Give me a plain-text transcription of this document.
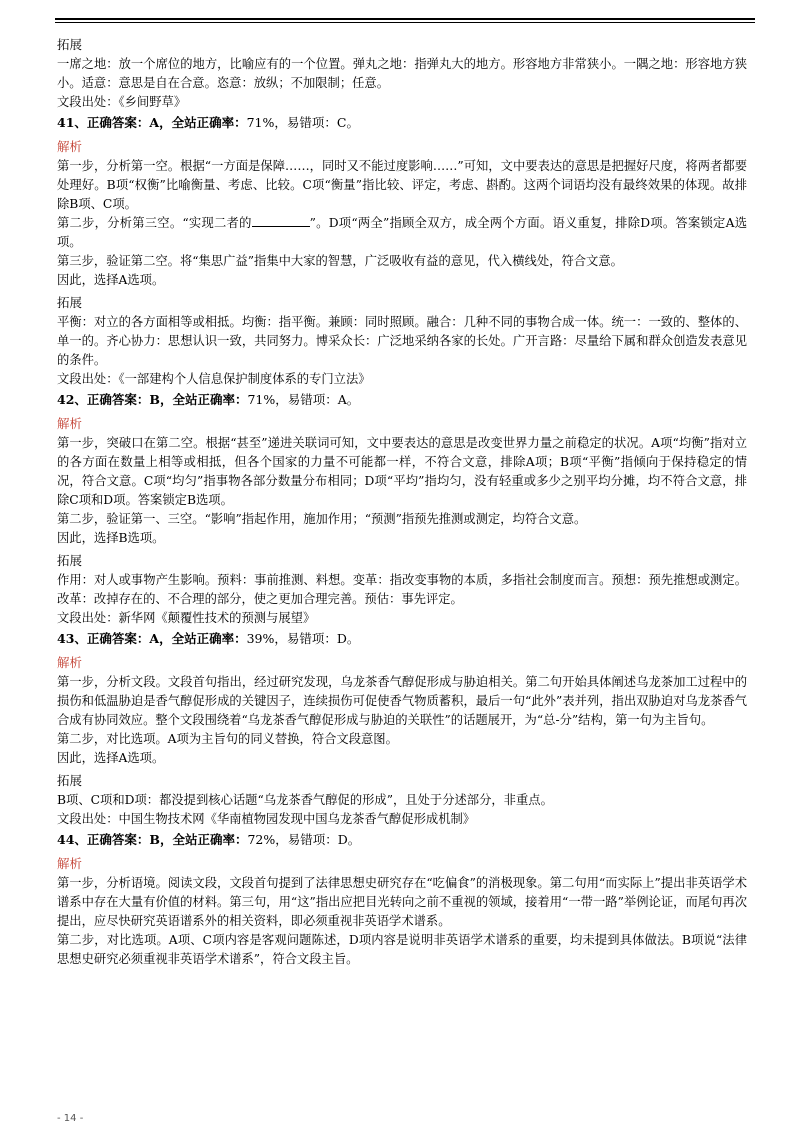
拓展

一席之地：放一个席位的地方，比喻应有的一个位置。弹丸之地：指弹丸大的地方。形容地方非常狭小。一隅之地：形容地方狭小。适意：意思是自在合意。恣意：放纵；不加限制；任意。

文段出处：《乡间野草》

41、正确答案：A，全站正确率：71%，易错项：C。
解析

第一步，分析第一空。根据“一方面是保障……，同时又不能过度影响……”可知，文中要表达的意思是把握好尺度，将两者都要处理好。B项“权衡”比喻衡量、考虑、比较。C项“衡量”指比较、评定，考虑、斟酌。这两个词语均没有最终效果的体现。故排除B项、C项。

第二步，分析第三空。“实现二者的	”。D项“两全”指顾全双方，成全两个方面。语义重复，排除D项。答案锁定A选项。

第三步，验证第二空。将“集思广益”指集中大家的智慧，广泛吸收有益的意见，代入横线处，符合文意。

因此，选择A选项。

拓展

平衡：对立的各方面相等或相抵。均衡：指平衡。兼顾：同时照顾。融合：几种不同的事物合成一体。统一：一致的、整体的、单一的。齐心协力：思想认识一致，共同努力。博采众长：广泛地采纳各家的长处。广开言路：尽量给下属和群众创造发表意见的条件。

文段出处：《一部建构个人信息保护制度体系的专门立法》

42、正确答案：B，全站正确率：71%，易错项：A。
解析

第一步，突破口在第二空。根据“甚至”递进关联词可知，文中要表达的意思是改变世界力量之前稳定的状况。A项“均衡”指对立的各方面在数量上相等或相抵，但各个国家的力量不可能都一样，不符合文意，排除A项；B项“平衡”指倾向于保持稳定的情况，符合文意。C项“均匀”指事物各部分数量分布相同；D项“平均”指均匀，没有轻重或多少之别平均分摊，均不符合文意，排除C项和D项。答案锁定B选项。

第二步，验证第一、三空。“影响”指起作用，施加作用；“预测”指预先推测或测定，均符合文意。

因此，选择B选项。

拓展

作用：对人或事物产生影响。预料：事前推测、料想。变革：指改变事物的本质，多指社会制度而言。预想：预先推想或测定。改革：改掉存在的、不合理的部分，使之更加合理完善。预估：事先评定。

文段出处：新华网《颠覆性技术的预测与展望》

43、正确答案：A，全站正确率：39%，易错项：D。
解析

第一步，分析文段。文段首句指出，经过研究发现，乌龙茶香气醇促形成与胁迫相关。第二句开始具体阐述乌龙茶加工过程中的损伤和低温胁迫是香气醇促形成的关键因子，连续损伤可促使香气物质蓄积，最后一句“此外”表并列，指出双胁迫对乌龙茶香气合成有协同效应。整个文段围绕着“乌龙茶香气醇促形成与胁迫的关联性”的话题展开，为“总-分”结构，第一句为主旨句。

第二步，对比选项。A项为主旨句的同义替换，符合文段意图。

因此，选择A选项。

拓展

B项、C项和D项：都没提到核心话题“乌龙茶香气醇促的形成”，且处于分述部分，非重点。

文段出处：中国生物技术网《华南植物园发现中国乌龙茶香气醇促形成机制》

44、正确答案：B，全站正确率：72%，易错项：D。
解析

第一步，分析语境。阅读文段，文段首句提到了法律思想史研究存在“吃偏食”的消极现象。第二句用“而实际上”提出非英语学术谱系中存在大量有价值的材料。第三句，用“这”指出应把目光转向之前不重视的领域，接着用“一带一路”举例论证，而尾句再次提出，应尽快研究英语谱系外的相关资料，即必须重视非英语学术谱系。

第二步，对比选项。A项、C项内容是客观问题陈述，D项内容是说明非英语学术谱系的重要，均未提到具体做法。B项说“法律思想史研究必须重视非英语学术谱系”，符合文段主旨。

- 14 -
